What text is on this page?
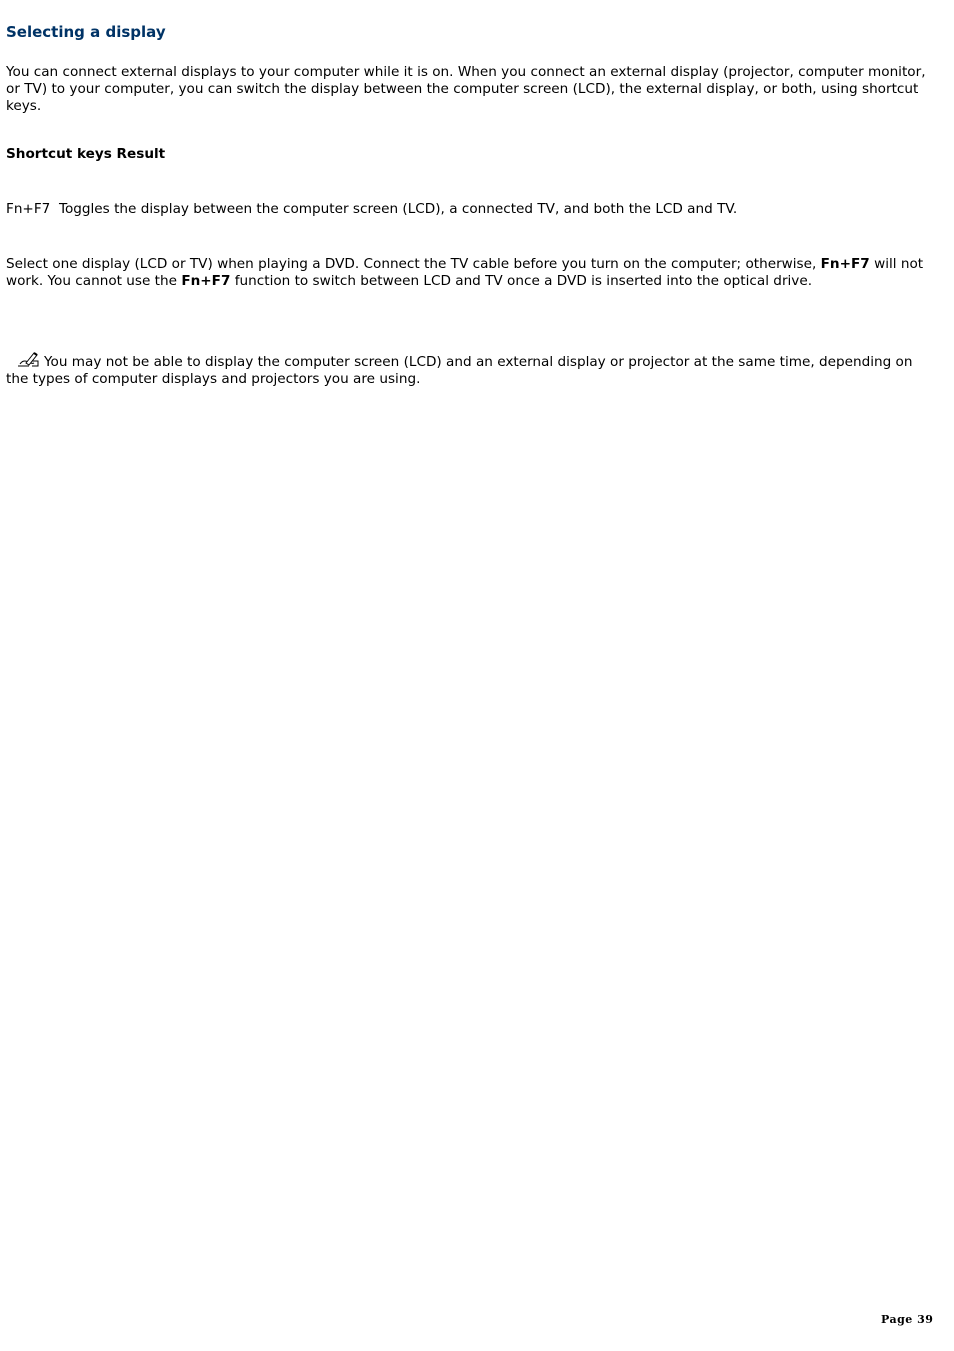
Selecting a display

You can connect external displays to your computer while it is on. When you connect an external display (projector, computer monitor, or TV) to your computer, you can switch the display between the computer screen (LCD), the external display, or both, using shortcut keys.

Shortcut keys Result

Fn+F7 Toggles the display between the computer screen (LCD), a connected TV, and both the LCD and TV.

Select one display (LCD or TV) when playing a DVD. Connect the TV cable before you turn on the computer; otherwise, Fn+F7 will not work. You cannot use the Fn+F7 function to switch between LCD and TV once a DVD is inserted into the optical drive.

You may not be able to display the computer screen (LCD) and an external display or projector at the same time, depending on the types of computer displays and projectors you are using.

Page 39
